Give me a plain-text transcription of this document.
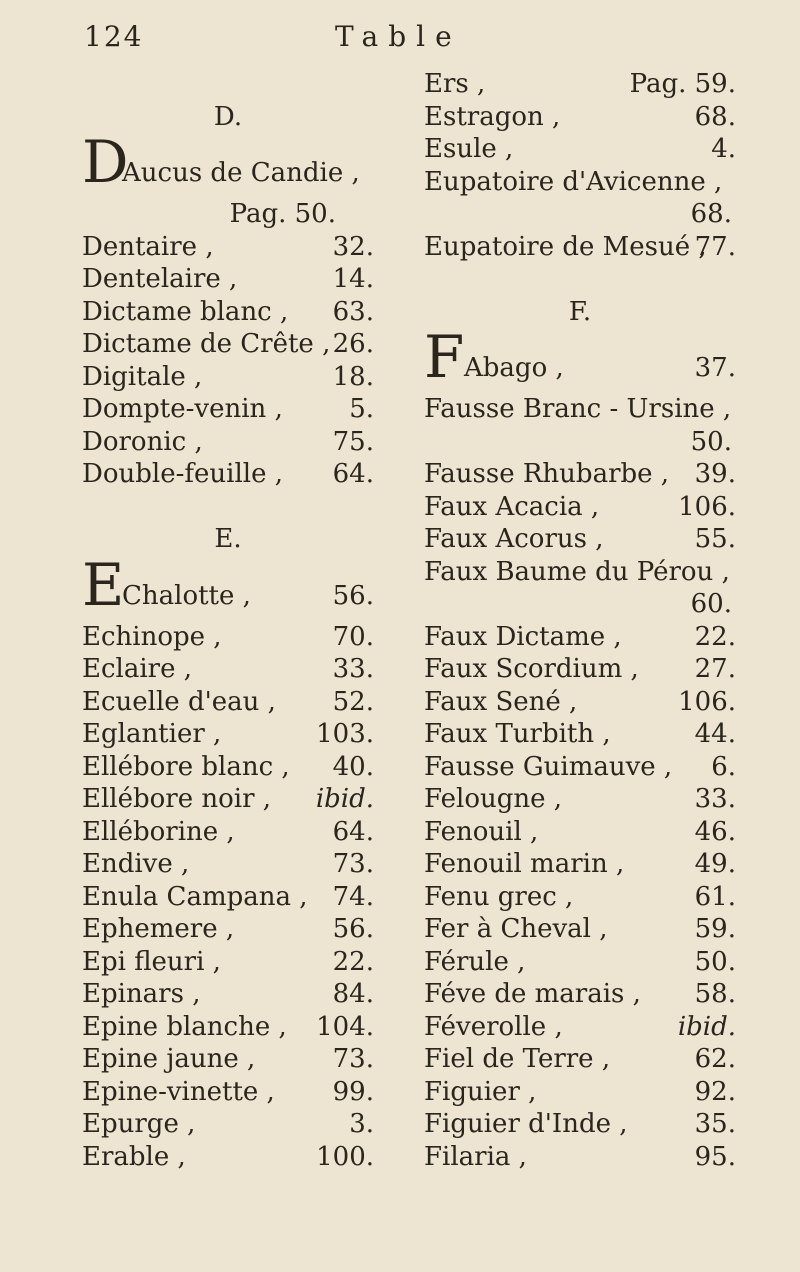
124	Table
D.
D
Aucus de Candie ,
Pag. 50.
Dentaire ,	32.
Dentelaire ,	14.
Dictame blanc , 63.
Dictame de Crête , 26.
Digitale ,	18.
Dompte-venin ,	5.
Doronic ,	75.
Double-feuille , 64.
E.
E
Chalotte ,	56.
Echinope ,	70.
Eclaire ,	33.
Ecuelle d'eau , 52.
Eglantier ,	103.
Ellébore blanc , 40.
Ellébore noir , ibid.
Elléborine ,	64.
Endive ,	73.
Enula Campana , 74.
Ephemere ,	56.
Epi fleuri ,	22.
Epinars ,	84.
Epine blanche , 104.
Epine jaune ,	73.
Epine-vinette , 99.
Epurge ,	3.
Erable ,	100.
Ers ,	Pag. 59.
Estragon ,	68.
Esule ,	4.
Eupatoire d'Avicenne ,
68.
Eupatoire de Mesué ,
77.
F.
F Abago ,	37.
Fausse Branc - Ursine ,
50.
Fausse Rhubarbe , 39.
Faux Acacia ,	106.
Faux Acorus ,	55.
Faux Baume du Pérou ,
60.
Faux Dictame ,	22.
Faux Scordium , 27.
Faux Sené ,	106.
Faux Turbith ,	44.
Fausse Guimauve , 6.
Felougne ,	33.
Fenouil ,	46.
Fenouil marin ,	49.
Fenu grec ,	61.
Fer à Cheval ,	59.
Férule ,	50.
Féve de marais , 58.
Féverolle ,	ibid.
Fiel de Terre ,	62.
Figuier ,	92.
Figuier d'Inde ,	35.
Filaria ,	95.
